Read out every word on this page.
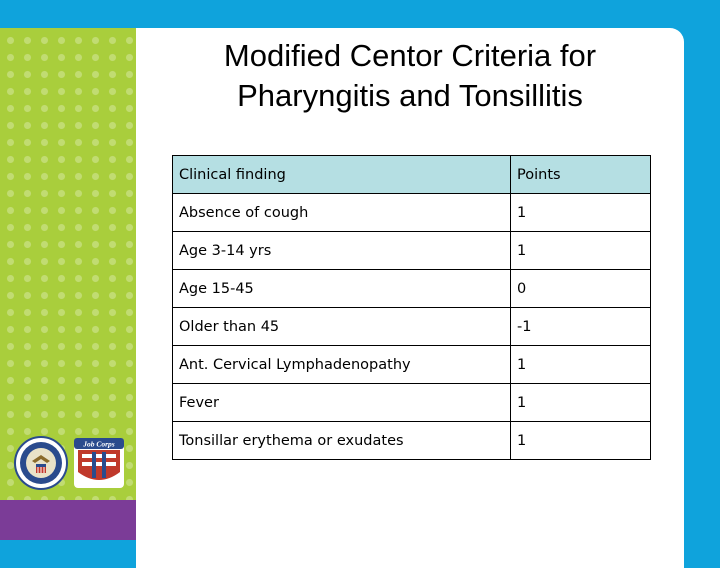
Job Corps
Modified Centor Criteria for
Pharyngitis and Tonsillitis
Clinical finding	Points
Absence of cough	1
Age 3-14 yrs	1
Age 15-45	0
Older than 45	-1
Ant. Cervical Lymphadenopathy	1
Fever	1
Tonsillar erythema or exudates	1
